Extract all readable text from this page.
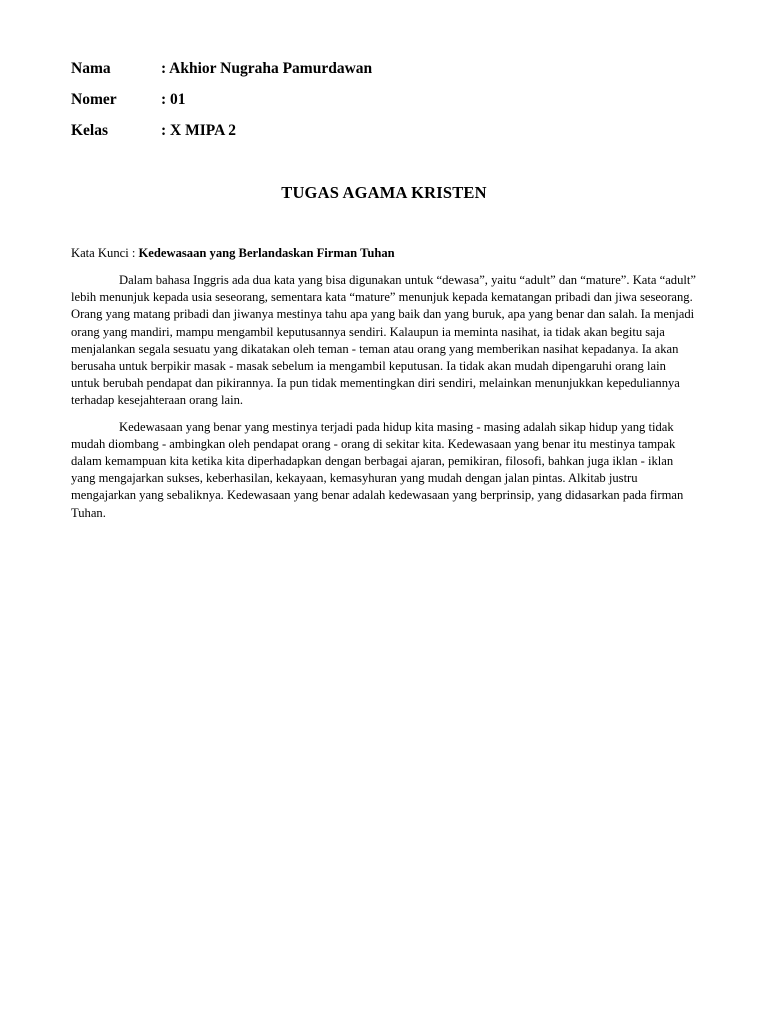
Nama	: Akhior Nugraha Pamurdawan
Nomer	: 01
Kelas	: X MIPA 2
TUGAS AGAMA KRISTEN
Kata Kunci : Kedewasaan yang Berlandaskan Firman Tuhan

Dalam bahasa Inggris ada dua kata yang bisa digunakan untuk “dewasa”, yaitu “adult” dan “mature”. Kata “adult” lebih menunjuk kepada usia seseorang, sementara kata “mature” menunjuk kepada kematangan pribadi dan jiwa seseorang. Orang yang matang pribadi dan jiwanya mestinya tahu apa yang baik dan yang buruk, apa yang benar dan salah. Ia menjadi orang yang mandiri, mampu mengambil keputusannya sendiri. Kalaupun ia meminta nasihat, ia tidak akan begitu saja menjalankan segala sesuatu yang dikatakan oleh teman - teman atau orang yang memberikan nasihat kepadanya. Ia akan berusaha untuk berpikir masak - masak sebelum ia mengambil keputusan. Ia tidak akan mudah dipengaruhi orang lain untuk berubah pendapat dan pikirannya. Ia pun tidak mementingkan diri sendiri, melainkan menunjukkan kepeduliannya terhadap kesejahteraan orang lain.

Kedewasaan yang benar yang mestinya terjadi pada hidup kita masing - masing adalah sikap hidup yang tidak mudah diombang - ambingkan oleh pendapat orang - orang di sekitar kita. Kedewasaan yang benar itu mestinya tampak dalam kemampuan kita ketika kita diperhadapkan dengan berbagai ajaran, pemikiran, filosofi, bahkan juga iklan - iklan yang mengajarkan sukses, keberhasilan, kekayaan, kemasyhuran yang mudah dengan jalan pintas. Alkitab justru mengajarkan yang sebaliknya. Kedewasaan yang benar adalah kedewasaan yang berprinsip, yang didasarkan pada firman Tuhan.
